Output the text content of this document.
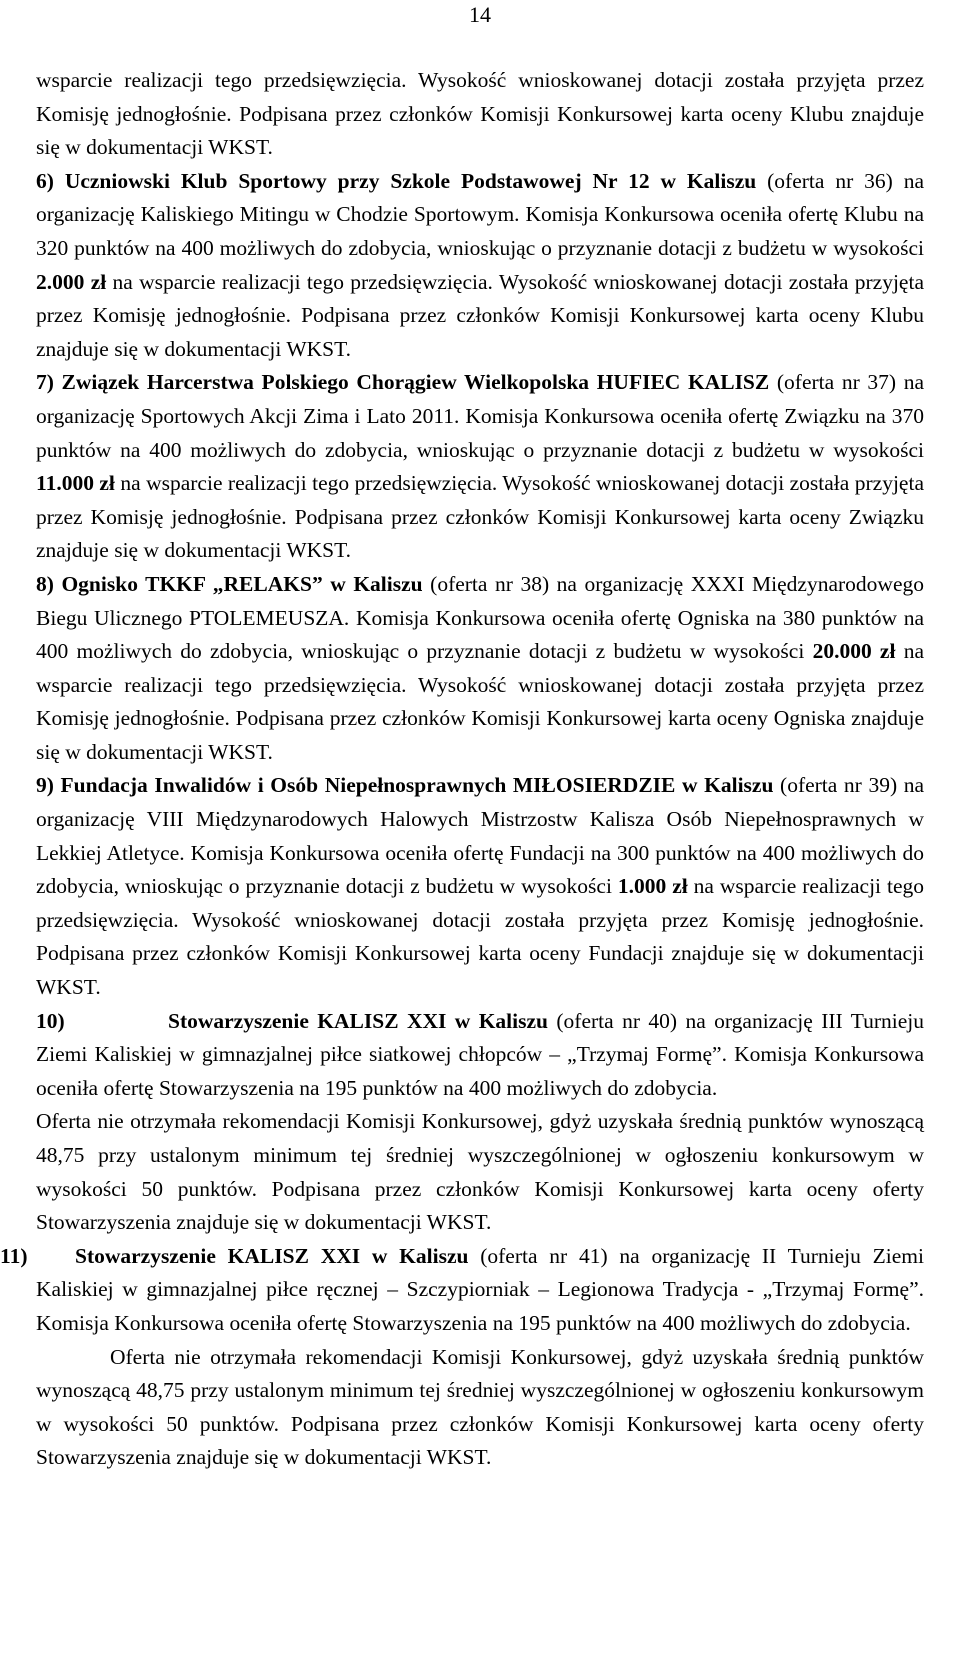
14
wsparcie realizacji tego przedsięwzięcia. Wysokość wnioskowanej dotacji została przyjęta przez Komisję jednogłośnie. Podpisana przez członków Komisji Konkursowej karta oceny Klubu znajduje się w dokumentacji WKST.
6) Uczniowski Klub Sportowy przy Szkole Podstawowej Nr 12 w Kaliszu (oferta nr 36) na organizację Kaliskiego Mitingu w Chodzie Sportowym. Komisja Konkursowa oceniła ofertę Klubu na 320 punktów na 400 możliwych do zdobycia, wnioskując o przyznanie dotacji z budżetu w wysokości 2.000 zł na wsparcie realizacji tego przedsięwzięcia. Wysokość wnioskowanej dotacji została przyjęta przez Komisję jednogłośnie. Podpisana przez członków Komisji Konkursowej karta oceny Klubu znajduje się w dokumentacji WKST.
7) Związek Harcerstwa Polskiego Chorągiew Wielkopolska HUFIEC KALISZ (oferta nr 37) na organizację Sportowych Akcji Zima i Lato 2011. Komisja Konkursowa oceniła ofertę Związku na 370 punktów na 400 możliwych do zdobycia, wnioskując o przyznanie dotacji z budżetu w wysokości 11.000 zł na wsparcie realizacji tego przedsięwzięcia. Wysokość wnioskowanej dotacji została przyjęta przez Komisję jednogłośnie. Podpisana przez członków Komisji Konkursowej karta oceny Związku znajduje się w dokumentacji WKST.
8) Ognisko TKKF „RELAKS” w Kaliszu (oferta nr 38) na organizację XXXI Międzynarodowego Biegu Ulicznego PTOLEMEUSZA. Komisja Konkursowa oceniła ofertę Ogniska na 380 punktów na 400 możliwych do zdobycia, wnioskując o przyznanie dotacji z budżetu w wysokości 20.000 zł na wsparcie realizacji tego przedsięwzięcia. Wysokość wnioskowanej dotacji została przyjęta przez Komisję jednogłośnie. Podpisana przez członków Komisji Konkursowej karta oceny Ogniska znajduje się w dokumentacji WKST.
9) Fundacja Inwalidów i Osób Niepełnosprawnych MIŁOSIERDZIE w Kaliszu (oferta nr 39) na organizację VIII Międzynarodowych Halowych Mistrzostw Kalisza Osób Niepełnosprawnych w Lekkiej Atletyce. Komisja Konkursowa oceniła ofertę Fundacji na 300 punktów na 400 możliwych do zdobycia, wnioskując o przyznanie dotacji z budżetu w wysokości 1.000 zł na wsparcie realizacji tego przedsięwzięcia. Wysokość wnioskowanej dotacji została przyjęta przez Komisję jednogłośnie. Podpisana przez członków Komisji Konkursowej karta oceny Fundacji znajduje się w dokumentacji WKST.
10)	Stowarzyszenie KALISZ XXI w Kaliszu (oferta nr 40) na organizację III Turnieju Ziemi Kaliskiej w gimnazjalnej piłce siatkowej chłopców – „Trzymaj Formę”. Komisja Konkursowa oceniła ofertę Stowarzyszenia na 195 punktów na 400 możliwych do zdobycia.
Oferta nie otrzymała rekomendacji Komisji Konkursowej, gdyż uzyskała średnią punktów wynoszącą 48,75 przy ustalonym minimum tej średniej wyszczególnionej w ogłoszeniu konkursowym w wysokości 50 punktów. Podpisana przez członków Komisji Konkursowej karta oceny oferty Stowarzyszenia znajduje się w dokumentacji WKST.
11) Stowarzyszenie KALISZ XXI w Kaliszu (oferta nr 41) na organizację II Turnieju Ziemi Kaliskiej w gimnazjalnej piłce ręcznej – Szczypiorniak – Legionowa Tradycja - „Trzymaj Formę”. Komisja Konkursowa oceniła ofertę Stowarzyszenia na 195 punktów na 400 możliwych do zdobycia.
Oferta nie otrzymała rekomendacji Komisji Konkursowej, gdyż uzyskała średnią punktów wynoszącą 48,75 przy ustalonym minimum tej średniej wyszczególnionej w ogłoszeniu konkursowym w wysokości 50 punktów. Podpisana przez członków Komisji Konkursowej karta oceny oferty Stowarzyszenia znajduje się w dokumentacji WKST.
